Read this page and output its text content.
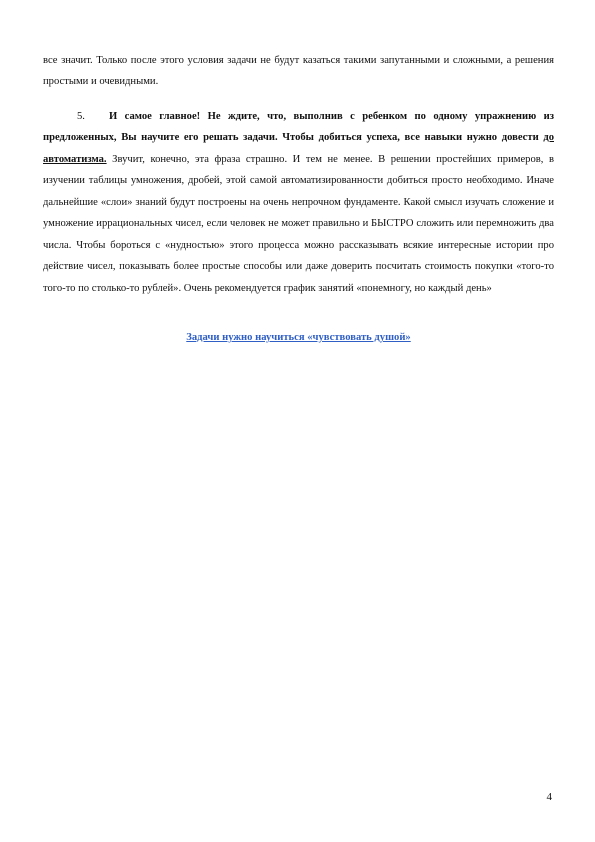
все значит. Только после этого условия задачи не будут казаться такими запутанными и сложными, а решения простыми и очевидными.

5. И самое главное! Не ждите, что, выполнив с ребенком по одному упражнению из предложенных, Вы научите его решать задачи. Чтобы добиться успеха, все навыки нужно довести до автоматизма. Звучит, конечно, эта фраза страшно. И тем не менее. В решении простейших примеров, в изучении таблицы умножения, дробей, этой самой автоматизированности добиться просто необходимо. Иначе дальнейшие «слои» знаний будут построены на очень непрочном фундаменте. Какой смысл изучать сложение и умножение иррациональных чисел, если человек не может правильно и БЫСТРО сложить или перемножить два числа. Чтобы бороться с «нудностью» этого процесса можно рассказывать всякие интересные истории про действие чисел, показывать более простые способы или даже доверить посчитать стоимость покупки «того-то того-то по столько-то рублей». Очень рекомендуется график занятий «понемногу, но каждый день»

Задачи нужно научиться «чувствовать душой»
4
